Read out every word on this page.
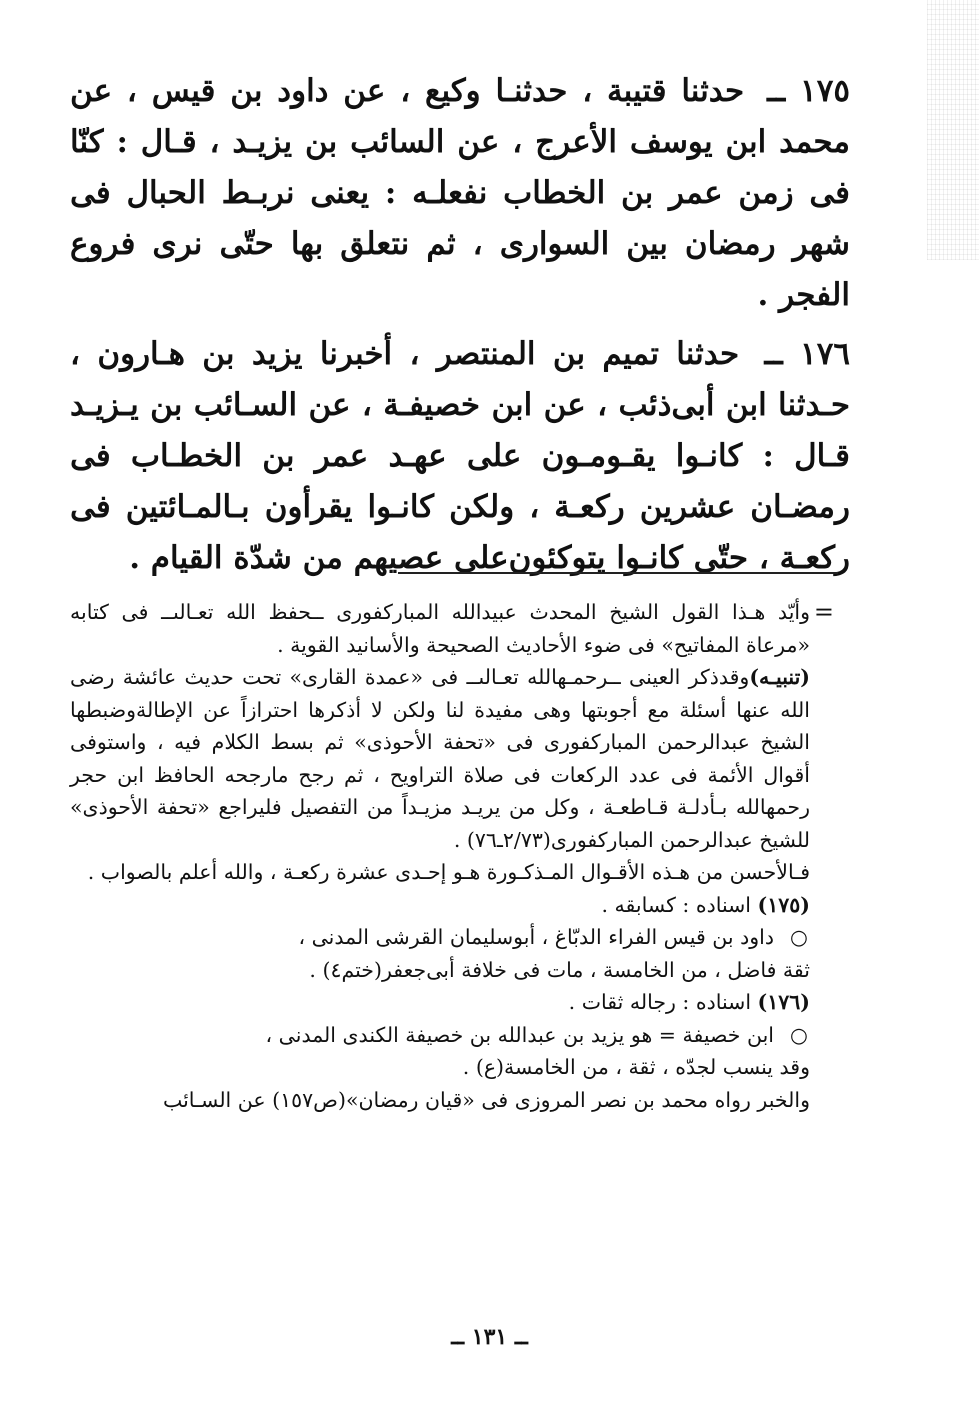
١٧٥ ــ حدثنا قتيبة ، حدثنـا وكيع ، عن داود بن قيس ، عن محمد ابن يوسف الأعرج ، عن السائب بن يزيـد ، قـال : كنّا فى زمن عمر بن الخطاب نفعلـه : يعنى نربـط الحبال فى شهر رمضان بين السوارى ، ثم نتعلق بها حتّى نرى فروع الفجر .

١٧٦ ــ حدثنا تميم بن المنتصر ، أخبرنا يزيد بن هـارون ، حـدثنا ابن أبى‌ذئب ، عن ابن خصيفـة ، عن السـائب بن يـزيـد قـال : كانـوا يقـومـون على عهـد عمر بن الخطـاب فى رمضـان عشرين ركعـة ، ولكن كانـوا يقرأون بـالمـائتين فى ركعـة ، حتّى كانـوا يتوكئون‌على عصيهم من شدّة القيام .

=

وأيّد هـذا القول الشيخ المحدث عبيدالله المباركفورى ــحفظ الله تعـالىــ فى كتابه «مرعاة المفاتيح» فى ضوء الأحاديث الصحيحة والأسانيد القوية .

(تنبيـه)وقدذكر العينى ــرحمـهالله تعـالىــ فى «عمدة القارى» تحت حديث عائشة رضى الله عنها أسئلة مع أجوبتها وهى مفيدة لنا ولكن لا أذكرها احترازاً عن الإطالةوضبطها الشيخ عبدالرحمن المباركفورى فى «تحفة الأحوذى» ثم بسط الكلام فيه ، واستوفى أقوال الأئمة فى عدد الركعات فى صلاة التراويح ، ثم رجح مارجحه الحافظ ابن حجر رحمهالله بـأدلـة قـاطعـة ، وكل من يريـد مزيـداً من التفصيل فليراجع «تحفة الأحوذى» للشيخ عبدالرحمن المباركفورى(٢/٧٣ـ٧٦) .

فـالأحسن من هـذه الأقـوال المـذكـورة هـو إحـدى عشرة ركعـة ، والله أعلم بالصواب .

(١٧٥) اسناده : كسابقه .

○داود بن قيس الفراء الدبّاغ ، أبوسليمان القرشى المدنى ،

ثقة فاضل ، من الخامسة ، مات فى خلافة أبى‌جعفر(ختم٤) .

(١٧٦) اسناده : رجاله ثقات .

○ابن خصيفة = هو يزيد بن عبدالله بن خصيفة الكندى المدنى ،

وقد ينسب لجدّه ، ثقة ، من الخامسة(ع) .

والخبر رواه محمد بن نصر المروزى فى «قيان رمضان»(ص١٥٧) عن السـائب

ــ ١٣١ ــ
